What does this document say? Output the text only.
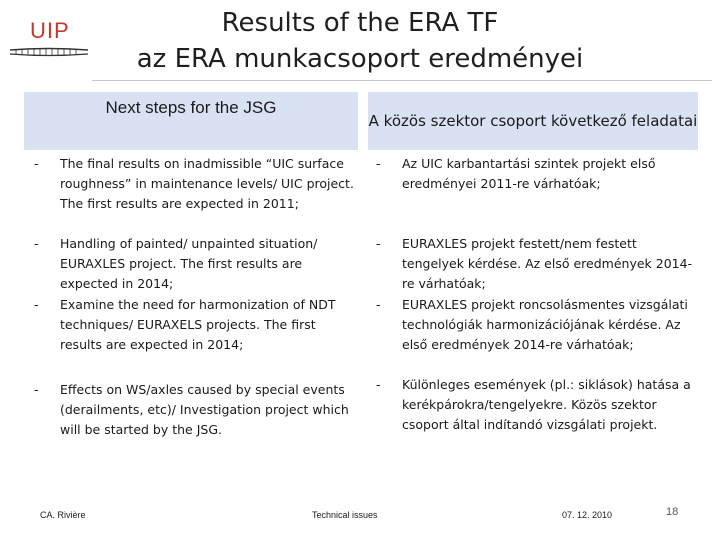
UIP	Results of the ERA TF
az ERA munkacsoport eredményei
Next steps for the JSG
A közös szektor csoport következő feladatai
- The final results on inadmissible “UIC surface roughness” in maintenance levels/ UIC project. The first results are expected in 2011;
- Handling of painted/ unpainted situation/ EURAXLES project. The first results are expected in 2014;
- Examine the need for harmonization of NDT techniques/ EURAXELS projects. The first results are expected in 2014;
- Effects on WS/axles caused by special events (derailments, etc)/ Investigation project which will be started by the JSG.
- Az UIC karbantartási szintek projekt első eredményei 2011-re várhatóak;
- EURAXLES projekt festett/nem festett tengelyek kérdése. Az első eredmények 2014-re várhatóak;
- EURAXLES projekt roncsolásmentes vizsgálati technológiák harmonizációjának kérdése. Az első eredmények 2014-re várhatóak;
- Különleges események (pl.: siklások) hatása a kerékpárokra/tengelyekre. Közös szektor csoport által indítandó vizsgálati projekt.
CA. Rivière	Technical issues	07. 12. 2010	18
